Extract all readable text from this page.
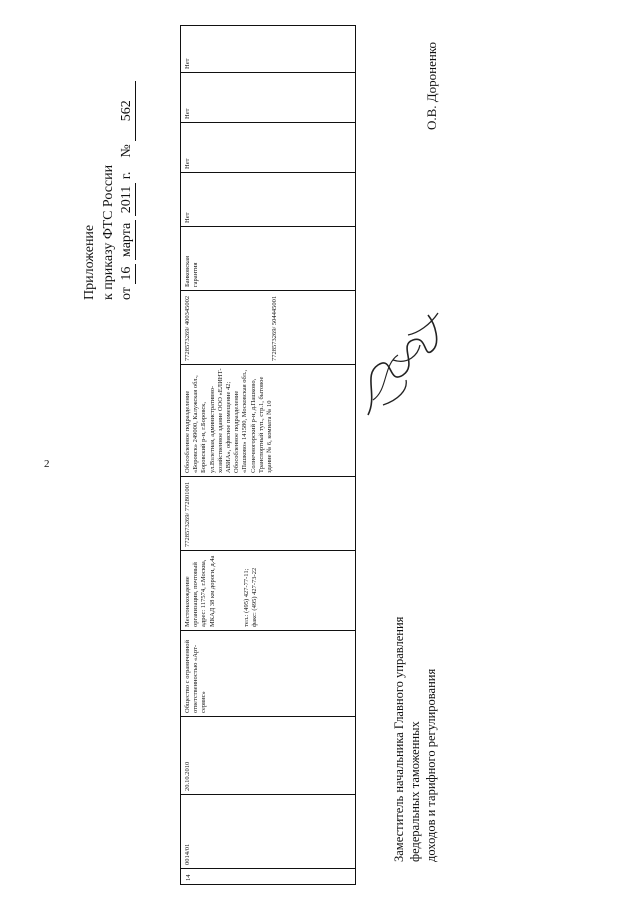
2
Приложение к приказу ФТС России от 16 марта 2011 г.    № 562
14
0014/01
20.10.2010
Общество с ограниченной ответственностью «Арт-сервис»
Местонахождение организации, почтовый адрес: 117574, г.Москва, МКАД 38 км дороги, д.4а	тел.: (495) 427-77-11; факс: (495) 427-73-22
7728573269/ 772801001
Обособленное подразделение «Боровск» 249000, Калужская обл., Боровский р-н, г.Боровск, ул.Взлетная, административно-хозяйственное здание ООО «ЕЛИНТ-АВИА», офисное помещение 42; Обособленное подразделение «Пашково» 141580, Московская обл., Солнечногорский р-н, д.Пашково, Транспортный туп., стр.1, бытовое здание № 6, комната № 10
7728573269/ 400345002	7728573269/ 504445001
Банковская гарантия
Нет
Нет
Нет
Нет
Заместитель начальника Главного управления федеральных таможенных доходов и тарифного регулирования
О.В. Дороненко
